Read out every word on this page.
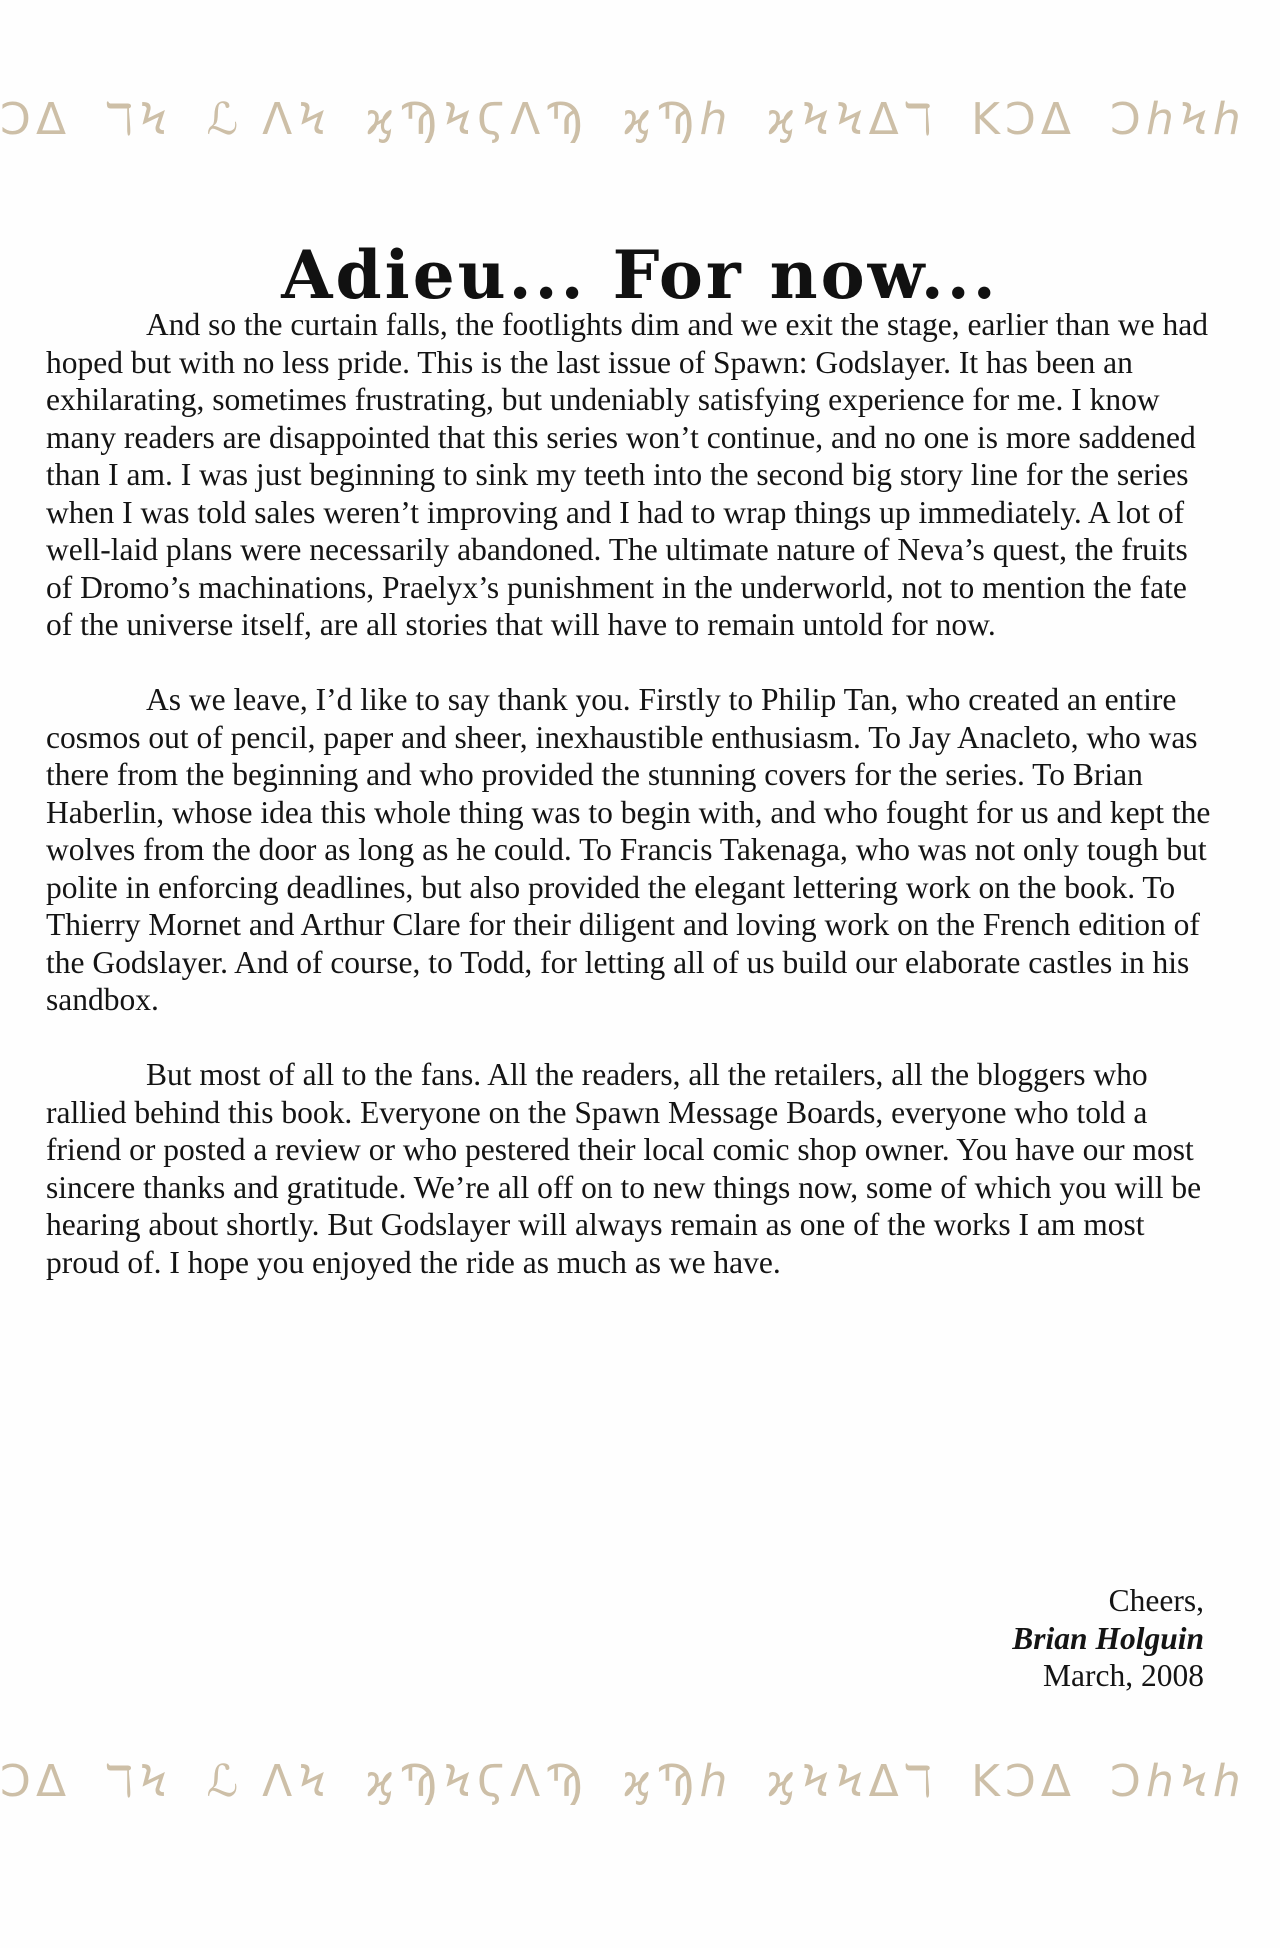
ϽΔ ℸϞ ℒ ΛϞ ϗϠϞϚΛϠ ϗϠℎ ϗϞϞΔℸ ΚϽΔ ϽℎϞℎ
Adieu... For now...

And so the curtain falls, the footlights dim and we exit the stage, earlier than we had hoped but with no less pride. This is the last issue of Spawn: Godslayer. It has been an exhilarating, sometimes frustrating, but undeniably satisfying experience for me. I know many readers are disappointed that this series won’t continue, and no one is more saddened than I am. I was just beginning to sink my teeth into the second big story line for the series when I was told sales weren’t improving and I had to wrap things up immediately. A lot of well-laid plans were necessarily abandoned. The ultimate nature of Neva’s quest, the fruits of Dromo’s machinations, Praelyx’s punishment in the underworld, not to mention the fate of the universe itself, are all stories that will have to remain untold for now.

As we leave, I’d like to say thank you. Firstly to Philip Tan, who created an entire cosmos out of pencil, paper and sheer, inexhaustible enthusiasm. To Jay Anacleto, who was there from the beginning and who provided the stunning covers for the series. To Brian Haberlin, whose idea this whole thing was to begin with, and who fought for us and kept the wolves from the door as long as he could. To Francis Takenaga, who was not only tough but polite in enforcing deadlines, but also provided the elegant lettering work on the book. To Thierry Mornet and Arthur Clare for their diligent and loving work on the French edition of the Godslayer. And of course, to Todd, for letting all of us build our elaborate castles in his sandbox.

But most of all to the fans. All the readers, all the retailers, all the bloggers who rallied behind this book. Everyone on the Spawn Message Boards, everyone who told a friend or posted a review or who pestered their local comic shop owner. You have our most sincere thanks and gratitude. We’re all off on to new things now, some of which you will be hearing about shortly. But Godslayer will always remain as one of the works I am most proud of. I hope you enjoyed the ride as much as we have.

Cheers,
Brian Holguin
March, 2008
ϽΔ ℸϞ ℒ ΛϞ ϗϠϞϚΛϠ ϗϠℎ ϗϞϞΔℸ ΚϽΔ ϽℎϞℎ
